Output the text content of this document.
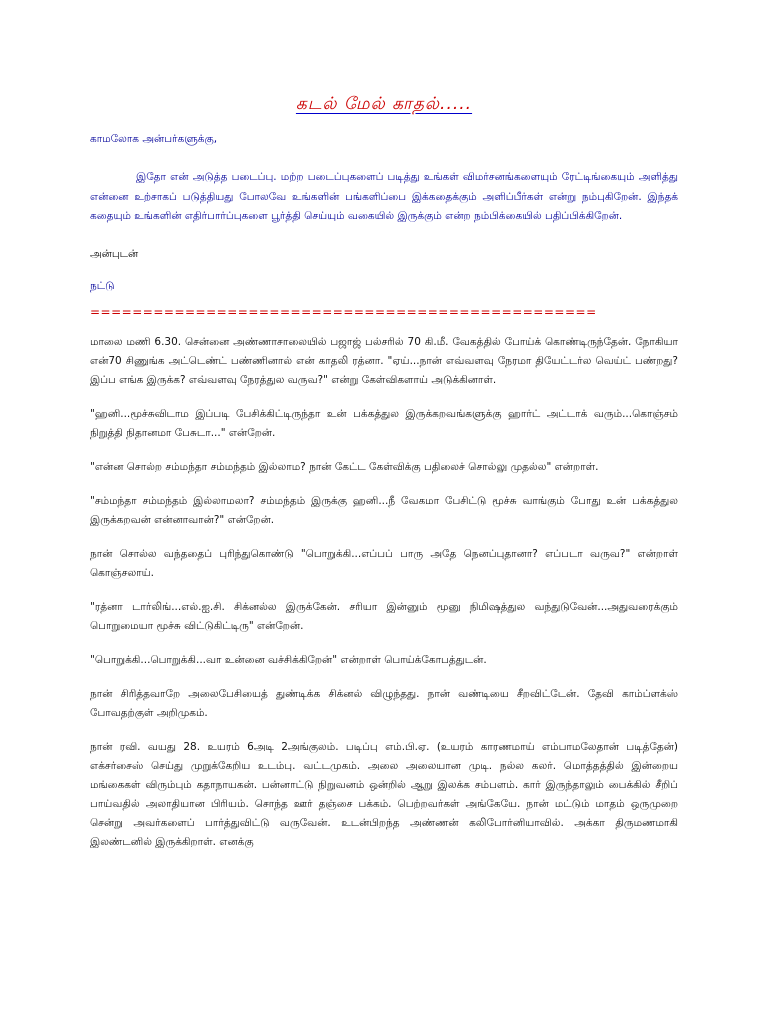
கடல் மேல் காதல்.....
காமலோக அன்பர்களுக்கு,
இதோ என் அடுத்த படைப்பு. மற்ற படைப்புகளைப் படித்து உங்கள் விமர்சனங்களையும் ரேட்டிங்கையும் அளித்து என்னை உற்சாகப் படுத்தியது போலவே உங்களின் பங்களிப்பை இக்கதைக்கும் அளிப்பீர்கள் என்று நம்புகிறேன். இந்தக் கதையும் உங்களின் எதிர்பார்ப்புகளை பூர்த்தி செய்யும் வகையில் இருக்கும் என்ற நம்பிக்கையில் பதிப்பிக்கிறேன்.
அன்புடன்
நட்டு
================================================

மாலை மணி 6.30. சென்னை அண்ணாசாலையில் பஜாஜ் பல்சரில் 70 கி.மீ. வேகத்தில் போய்க் கொண்டிருந்தேன். நோகியா என்70 சிணுங்க அட்டெண்ட் பண்ணினால் என் காதலி ரத்னா. "ஏய்...நான் எவ்வளவு நேரமா தியேட்டர்ல வெய்ட் பண்றது? இப்ப எங்க இருக்க? எவ்வளவு நேரத்துல வருவ?" என்று கேள்விகளாய் அடுக்கினாள்.

"ஹனி...மூச்சுவிடாம இப்படி பேசிக்கிட்டிருந்தா உன் பக்கத்துல இருக்கறவங்களுக்கு ஹார்ட் அட்டாக் வரும்...கொஞ்சம் நிறுத்தி நிதானமா பேசுடா..." என்றேன்.

"என்ன சொல்ற சம்மந்தா சம்மந்தம் இல்லாம? நான் கேட்ட கேள்விக்கு பதிலைச் சொல்லு முதல்ல" என்றாள்.

"சம்மந்தா சம்மந்தம் இல்லாமலா? சம்மந்தம் இருக்கு ஹனி...நீ வேகமா பேசிட்டு மூச்சு வாங்கும் போது உன் பக்கத்துல இருக்கறவன் என்னாவான்?" என்றேன்.

நான் சொல்ல வந்ததைப் புரிந்துகொண்டு "பொறுக்கி...எப்பப் பாரு அதே நெனப்புதானா? எப்படா வருவ?" என்றாள் கொஞ்சலாய்.

"ரத்னா டார்லிங்...எல்.ஐ.சி. சிக்னல்ல இருக்கேன். சரியா இன்னும் மூனு நிமிஷத்துல வந்துடுவேன்...அதுவரைக்கும் பொறுமையா மூச்சு விட்டுகிட்டிரு" என்றேன்.

"பொறுக்கி...பொறுக்கி...வா உன்னை வச்சிக்கிறேன்" என்றாள் பொய்க்கோபத்துடன்.

நான் சிரித்தவாறே அலைபேசியைத் துண்டிக்க சிக்னல் விழுந்தது. நான் வண்டியை சீறவிட்டேன். தேவி காம்ப்ளக்ஸ் போவதற்குள் அறிமுகம்.

நான் ரவி. வயது 28. உயரம் 6அடி 2அங்குலம். படிப்பு எம்.பி.ஏ. (உயரம் காரணமாய் எம்பாமலேதான் படித்தேன்) எக்சர்சைஸ் செய்து முறுக்கேறிய உடம்பு. வட்டமுகம். அலை அலையான முடி. நல்ல கலர். மொத்தத்தில் இன்றைய மங்கைகள் விரும்பும் கதாநாயகன். பன்னாட்டு நிறுவனம் ஒன்றில் ஆறு இலக்க சம்பளம். கார் இருந்தாலும் பைக்கில் சீறிப் பாய்வதில் அலாதியான பிரியம். சொந்த ஊர் தஞ்சை பக்கம். பெற்றவர்கள் அங்கேயே. நான் மட்டும் மாதம் ஒருமுறை சென்று அவர்களைப் பார்த்துவிட்டு வருவேன். உடன்பிறந்த அண்ணன் கலிபோர்னியாவில். அக்கா திருமணமாகி இலண்டனில் இருக்கிறாள். எனக்கு
